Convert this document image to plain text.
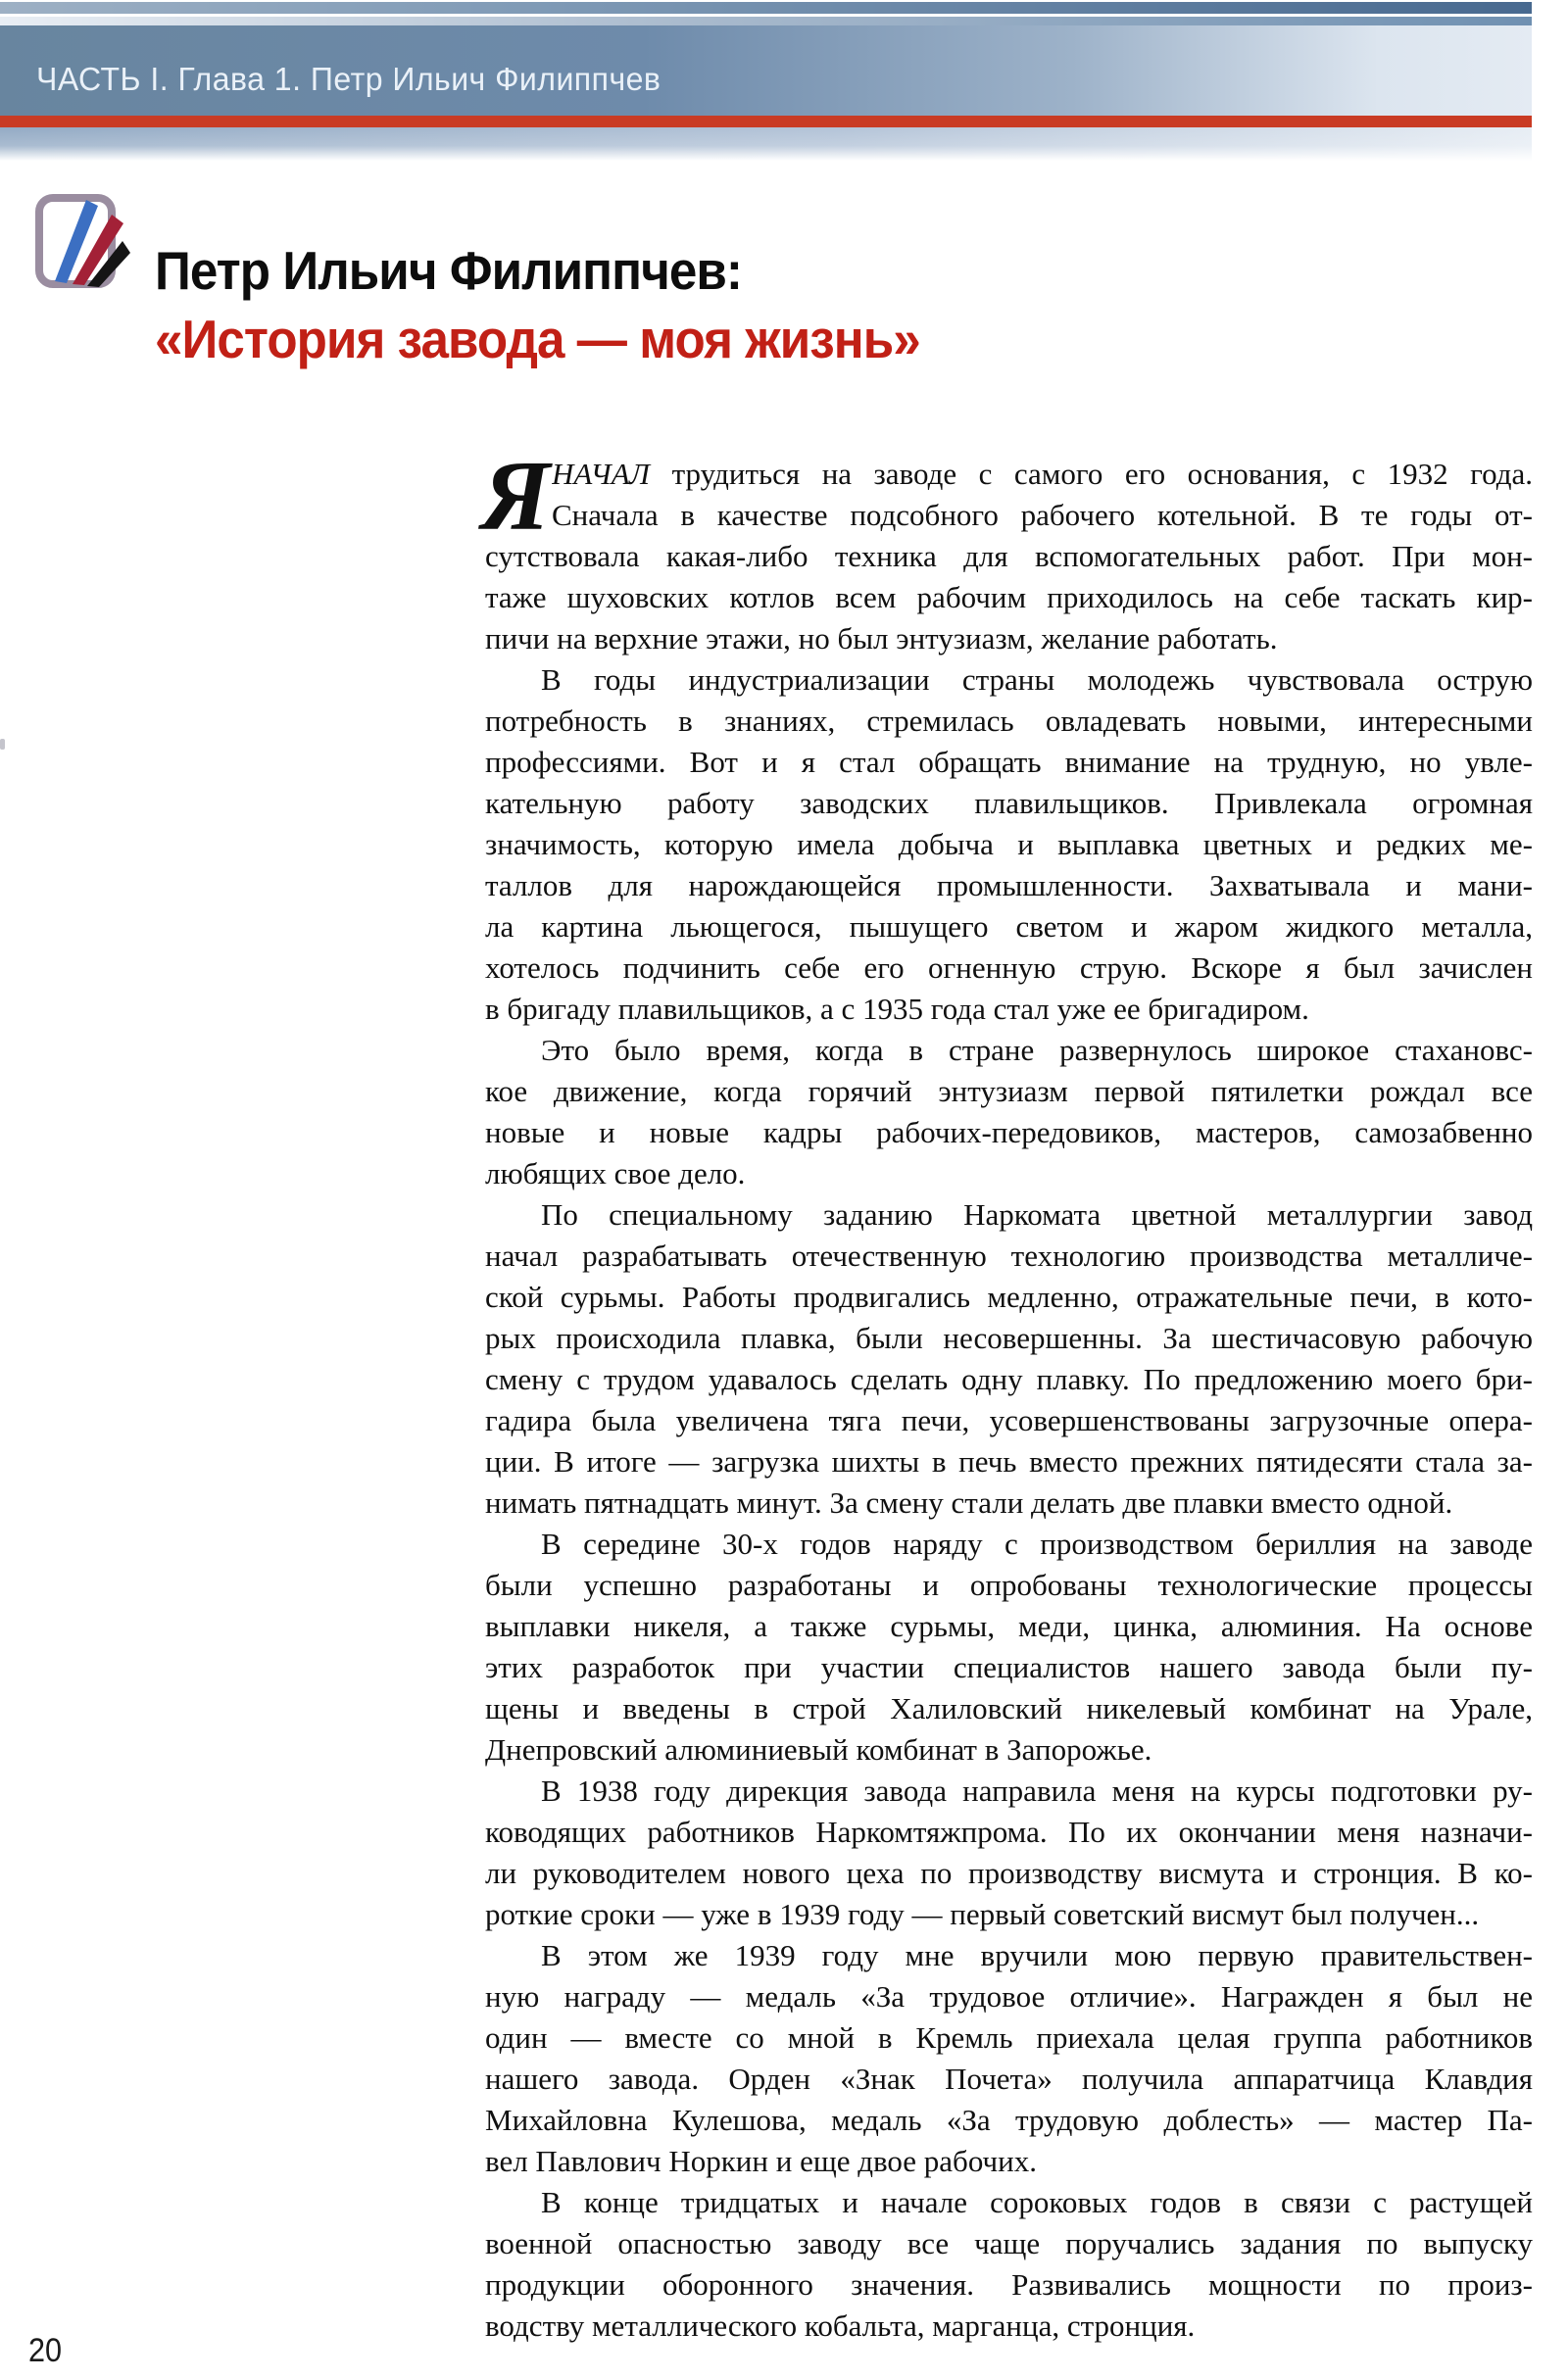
ЧАСТЬ I. Глава 1. Петр Ильич Филиппчев
Петр Ильич Филиппчев:
«История завода — моя жизнь»
Я НАЧАЛ трудиться на заводе с самого его основания, с 1932 года.
Сначала в качестве подсобного рабочего котельной. В те годы от-
сутствовала какая-либо техника для вспомогательных работ. При мон-
таже шуховских котлов всем рабочим приходилось на себе таскать кир-
пичи на верхние этажи, но был энтузиазм, желание работать.
В годы индустриализации страны молодежь чувствовала острую
потребность в знаниях, стремилась овладевать новыми, интересными
профессиями. Вот и я стал обращать внимание на трудную, но увле-
кательную работу заводских плавильщиков. Привлекала огромная
значимость, которую имела добыча и выплавка цветных и редких ме-
таллов для нарождающейся промышленности. Захватывала и мани-
ла картина льющегося, пышущего светом и жаром жидкого металла,
хотелось подчинить себе его огненную струю. Вскоре я был зачислен
в бригаду плавильщиков, а с 1935 года стал уже ее бригадиром.
Это было время, когда в стране развернулось широкое стахановс-
кое движение, когда горячий энтузиазм первой пятилетки рождал все
новые и новые кадры рабочих-передовиков, мастеров, самозабвенно
любящих свое дело.
По специальному заданию Наркомата цветной металлургии завод
начал разрабатывать отечественную технологию производства металличе-
ской сурьмы. Работы продвигались медленно, отражательные печи, в кото-
рых происходила плавка, были несовершенны. За шестичасовую рабочую
смену с трудом удавалось сделать одну плавку. По предложению моего бри-
гадира была увеличена тяга печи, усовершенствованы загрузочные опера-
ции. В итоге — загрузка шихты в печь вместо прежних пятидесяти стала за-
нимать пятнадцать минут. За смену стали делать две плавки вместо одной.
В середине 30-х годов наряду с производством бериллия на заводе
были успешно разработаны и опробованы технологические процессы
выплавки никеля, а также сурьмы, меди, цинка, алюминия. На основе
этих разработок при участии специалистов нашего завода были пу-
щены и введены в строй Халиловский никелевый комбинат на Урале,
Днепровский алюминиевый комбинат в Запорожье.
В 1938 году дирекция завода направила меня на курсы подготовки ру-
ководящих работников Наркомтяжпрома. По их окончании меня назначи-
ли руководителем нового цеха по производству висмута и стронция. В ко-
роткие сроки — уже в 1939 году — первый советский висмут был получен...
В этом же 1939 году мне вручили мою первую правительствен-
ную награду — медаль «За трудовое отличие». Награжден я был не
один — вместе со мной в Кремль приехала целая группа работников
нашего завода. Орден «Знак Почета» получила аппаратчица Клавдия
Михайловна Кулешова, медаль «За трудовую доблесть» — мастер Па-
вел Павлович Норкин и еще двое рабочих.
В конце тридцатых и начале сороковых годов в связи с растущей
военной опасностью заводу все чаще поручались задания по выпуску
продукции оборонного значения. Развивались мощности по произ-
водству металлического кобальта, марганца, стронция.
20
